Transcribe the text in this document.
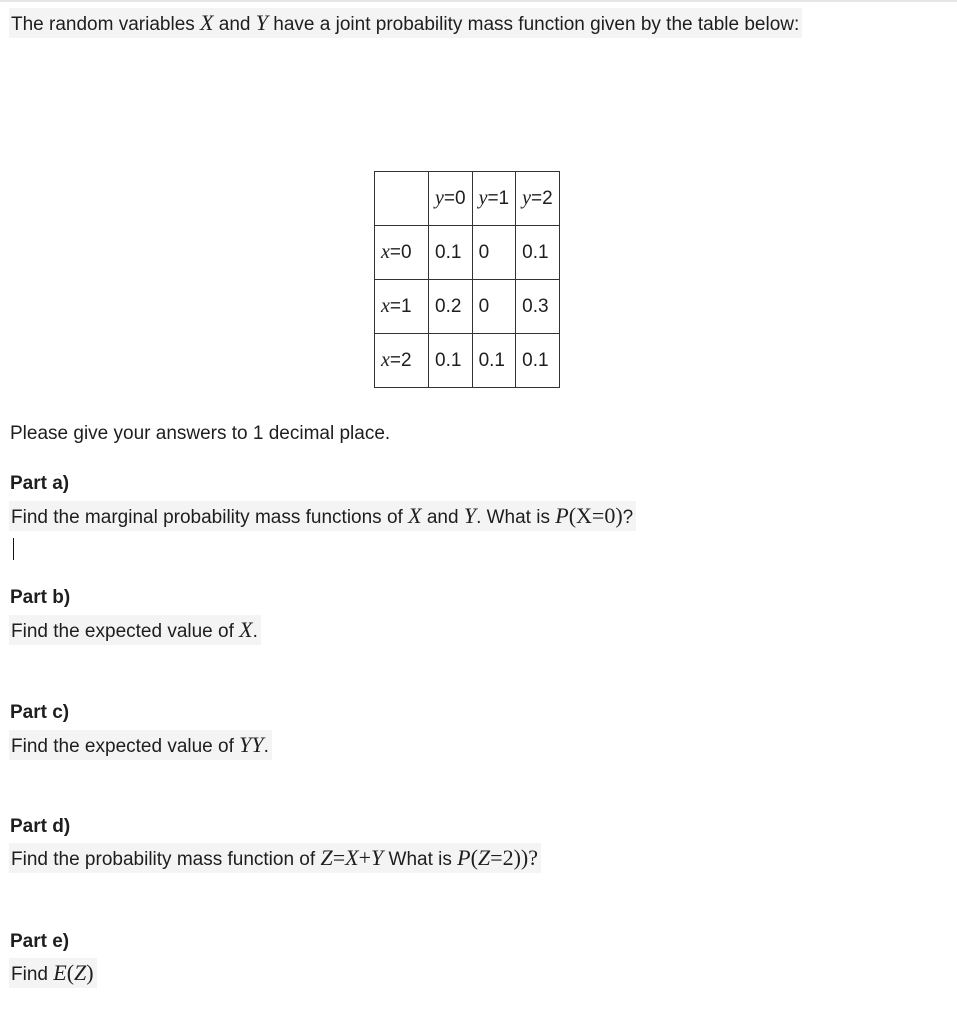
The random variables X and Y have a joint probability mass function given by the table below:
	y=0	y=1	y=2
x=0	0.1	0	0.1
x=1	0.2	0	0.3
x=2	0.1	0.1	0.1
Please give your answers to 1 decimal place.
Part a)
Find the marginal probability mass functions of X and Y. What is P(X=0)?
Part b)
Find the expected value of X.
Part c)
Find the expected value of YY.
Part d)
Find the probability mass function of Z=X+Y What is P(Z=2))?
Part e)
Find E(Z)
